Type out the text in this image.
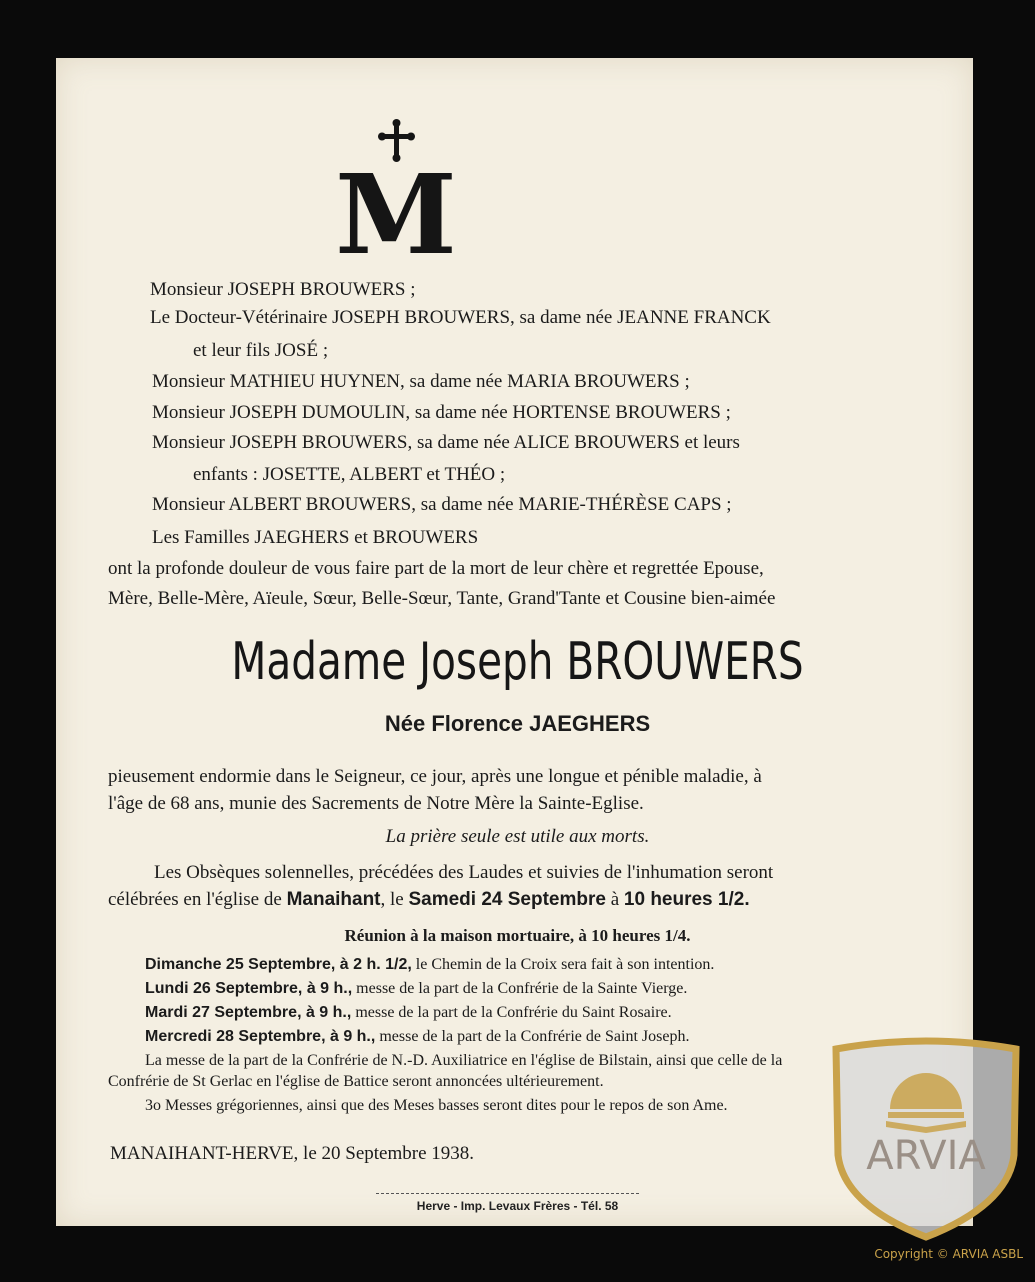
M
Monsieur JOSEPH BROUWERS ;
Le Docteur-Vétérinaire JOSEPH BROUWERS, sa dame née JEANNE FRANCK
et leur fils JOSÉ ;
Monsieur MATHIEU HUYNEN, sa dame née MARIA BROUWERS ;
Monsieur JOSEPH DUMOULIN, sa dame née HORTENSE BROUWERS ;
Monsieur JOSEPH BROUWERS, sa dame née ALICE BROUWERS et leurs
enfants : JOSETTE, ALBERT et THÉO ;
Monsieur ALBERT BROUWERS, sa dame née MARIE-THÉRÈSE CAPS ;
Les Familles JAEGHERS et BROUWERS
ont la profonde douleur de vous faire part de la mort de leur chère et regrettée Epouse,
Mère, Belle-Mère, Aïeule, Sœur, Belle-Sœur, Tante, Grand'Tante et Cousine bien-aimée
Madame Joseph BROUWERS
Née Florence JAEGHERS
pieusement endormie dans le Seigneur, ce jour, après une longue et pénible maladie, à
l'âge de 68 ans, munie des Sacrements de Notre Mère la Sainte-Eglise.
La prière seule est utile aux morts.
Les Obsèques solennelles, précédées des Laudes et suivies de l'inhumation seront
célébrées en l'église de Manaihant, le Samedi 24 Septembre à 10 heures 1/2.
Réunion à la maison mortuaire, à 10 heures 1/4.
Dimanche 25 Septembre, à 2 h. 1/2, le Chemin de la Croix sera fait à son intention.
Lundi 26 Septembre, à 9 h., messe de la part de la Confrérie de la Sainte Vierge.
Mardi 27 Septembre, à 9 h., messe de la part de la Confrérie du Saint Rosaire.
Mercredi 28 Septembre, à 9 h., messe de la part de la Confrérie de Saint Joseph.
La messe de la part de la Confrérie de N.-D. Auxiliatrice en l'église de Bilstain, ainsi que celle de la
Confrérie de St Gerlac en l'église de Battice seront annoncées ultérieurement.
3o Messes grégoriennes, ainsi que des Meses basses seront dites pour le repos de son Ame.
MANAIHANT-HERVE, le 20 Septembre 1938.
Herve - Imp. Levaux Frères - Tél. 58
ARVIA
Copyright © ARVIA ASBL
